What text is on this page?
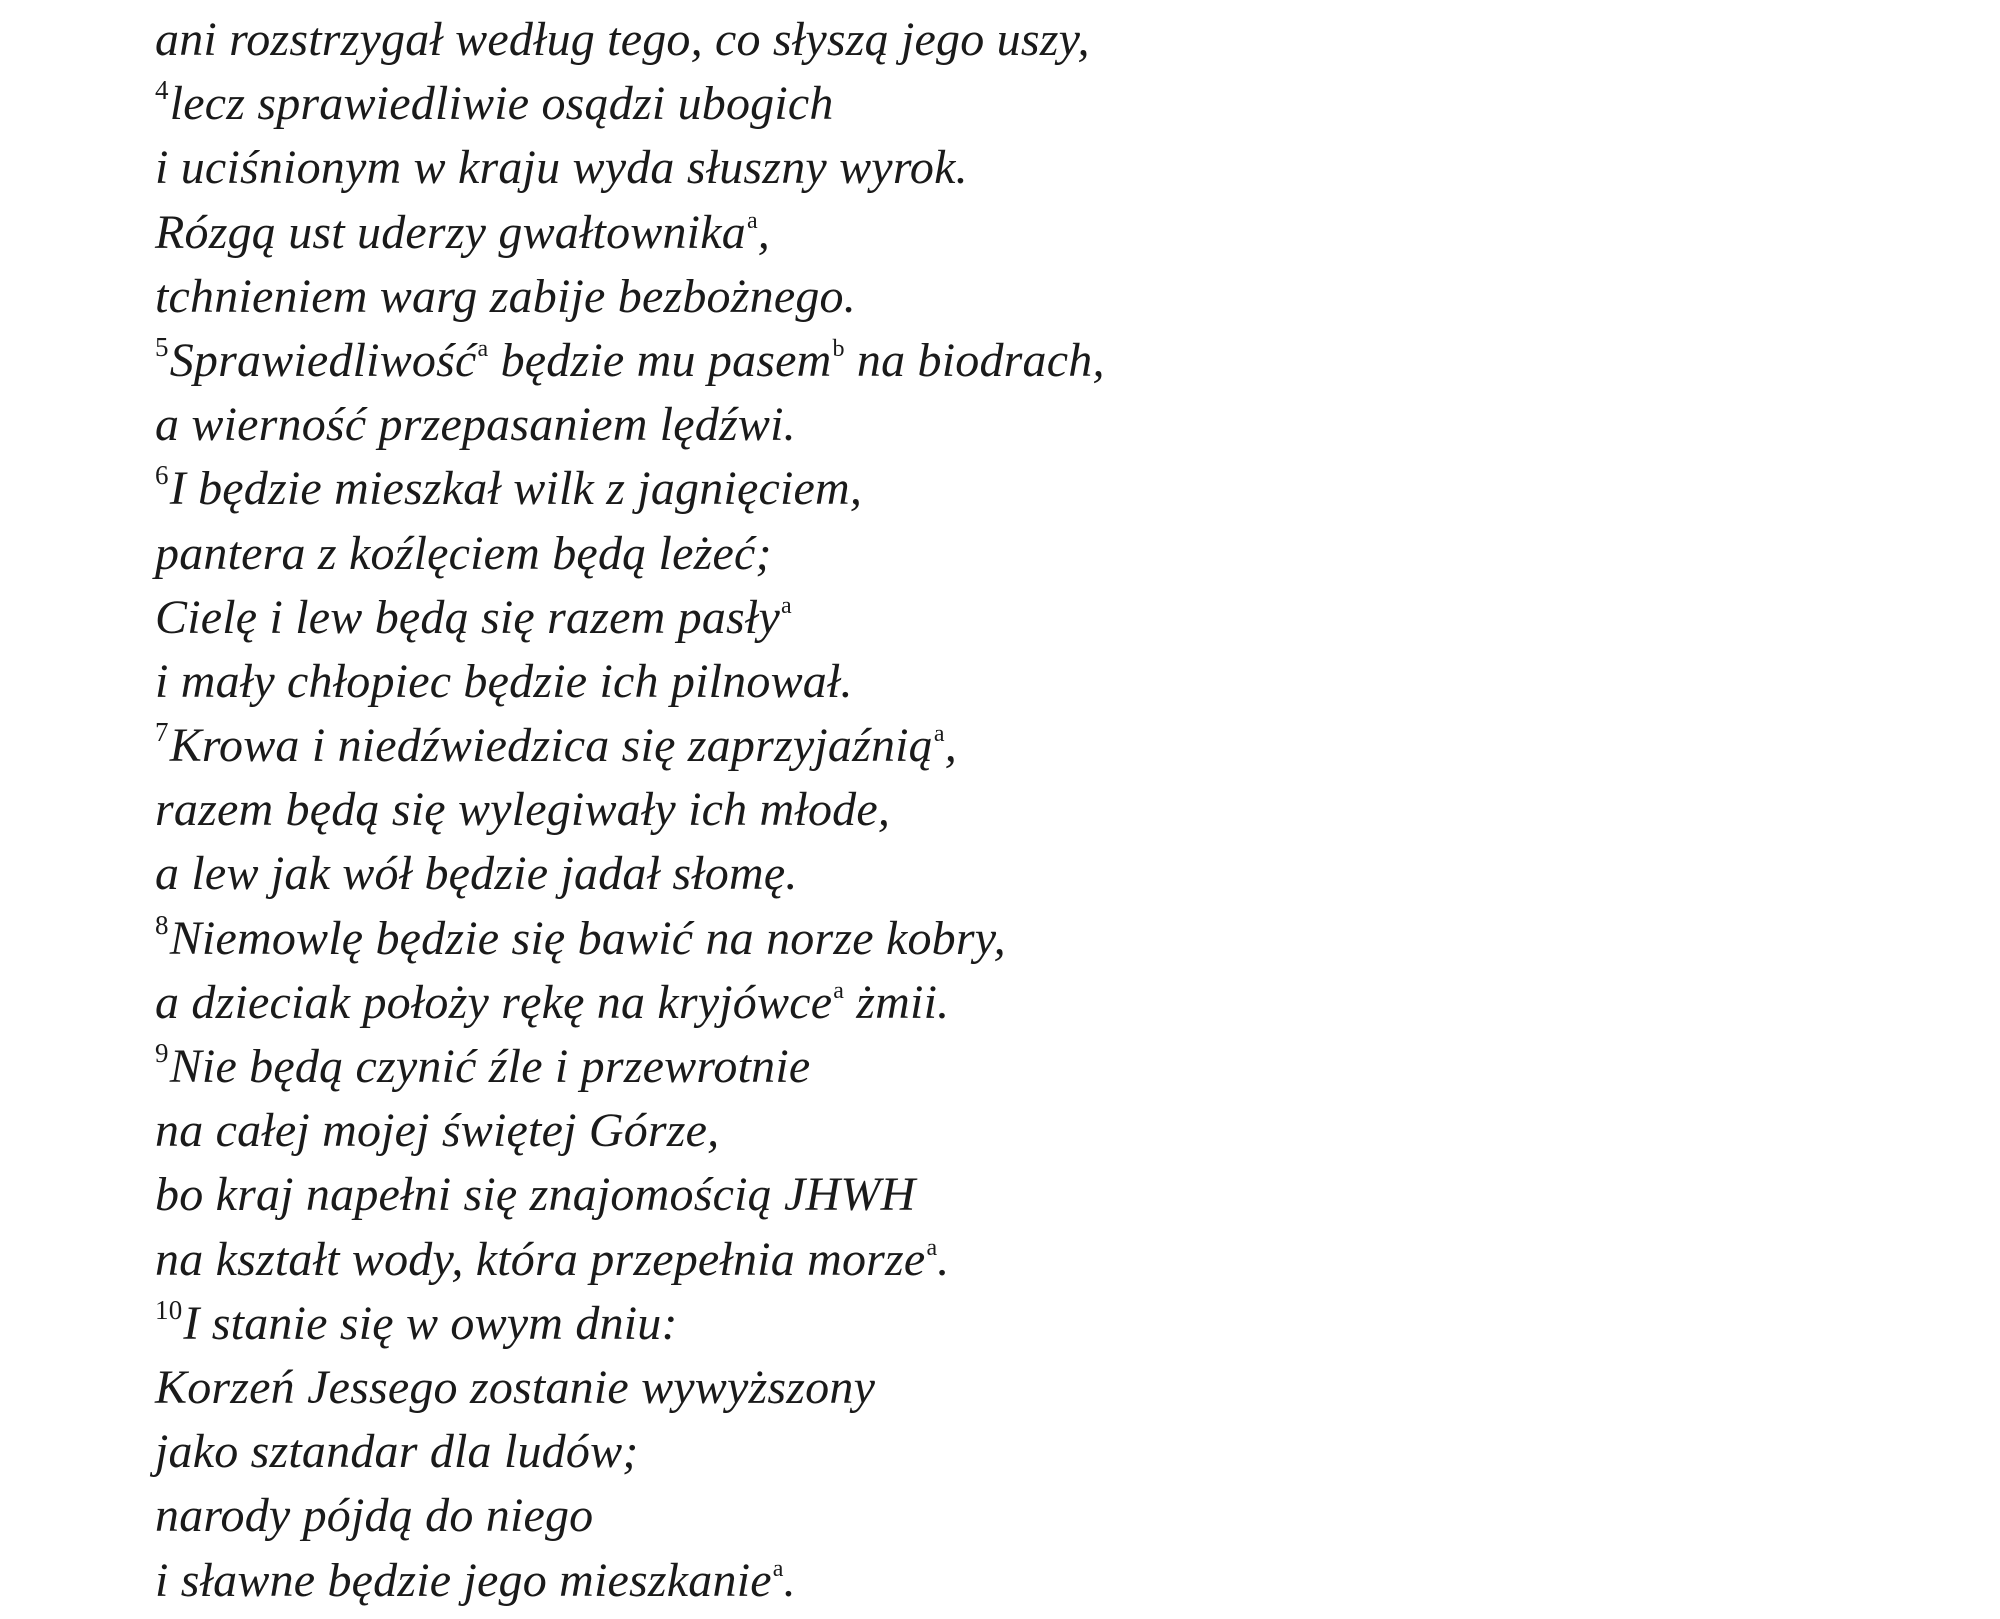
ani rozstrzygał według tego, co słyszą jego uszy,
$^4$lecz sprawiedliwie osądzi ubogich
i uciśnionym w kraju wyda słuszny wyrok.
Rózgą ust uderzy gwałtownika$^a$,
tchnieniem warg zabije bezbożnego.
$^5$Sprawiedliwość$^a$ będzie mu pasem$^b$ na biodrach,
a wierność przepasaniem lędźwi.
$^6$I będzie mieszkał wilk z jagnięciem,
pantera z koźlęciem będą leżeć;
Cielę i lew będą się razem pasły$^a$
i mały chłopiec będzie ich pilnował.
$^7$Krowa i niedźwiedzica się zaprzyjaźnią$^a$,
razem będą się wylegiwały ich młode,
a lew jak wół będzie jadał słomę.
$^8$Niemowlę będzie się bawić na norze kobry,
a dzieciak położy rękę na kryjówce$^a$ żmii.
$^9$Nie będą czynić źle i przewrotnie
na całej mojej świętej Górze,
bo kraj napełni się znajomością JHWH
na kształt wody, która przepełnia morze$^a$.
$^{10}$I stanie się w owym dniu:
Korzeń Jessego zostanie wywyższony
jako sztandar dla ludów;
narody pójdą do niego
i sławne będzie jego mieszkanie$^a$.
